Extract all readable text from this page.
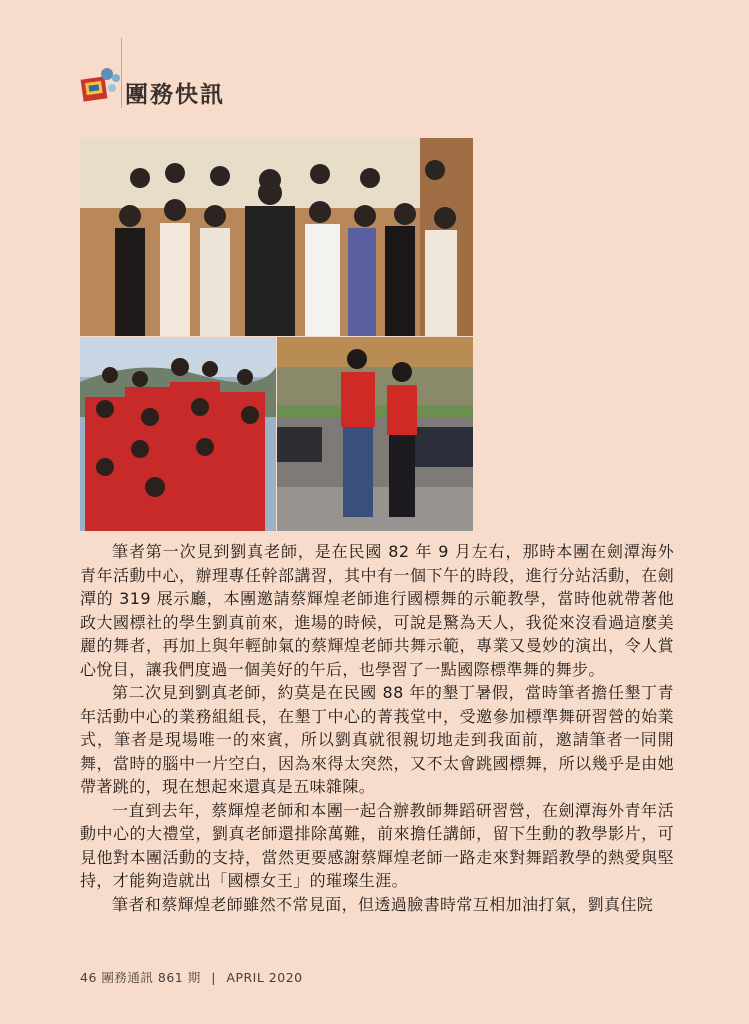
團務快訊

筆者第一次見到劉真老師，是在民國 82 年 9 月左右，那時本團在劍潭海外青年活動中心，辦理專任幹部講習，其中有一個下午的時段，進行分站活動，在劍潭的 319 展示廳，本團邀請蔡輝煌老師進行國標舞的示範教學，當時他就帶著他政大國標社的學生劉真前來，進場的時候，可說是驚為天人，我從來沒看過這麼美麗的舞者，再加上與年輕帥氣的蔡輝煌老師共舞示範，專業又曼妙的演出，令人賞心悅目，讓我們度過一個美好的午后，也學習了一點國際標準舞的舞步。

第二次見到劉真老師，約莫是在民國 88 年的墾丁暑假，當時筆者擔任墾丁青年活動中心的業務組組長，在墾丁中心的菁莪堂中，受邀參加標準舞研習營的始業式，筆者是現場唯一的來賓，所以劉真就很親切地走到我面前，邀請筆者一同開舞，當時的腦中一片空白，因為來得太突然，又不太會跳國標舞，所以幾乎是由她帶著跳的，現在想起來還真是五味雜陳。

一直到去年，蔡輝煌老師和本團一起合辦教師舞蹈研習營，在劍潭海外青年活動中心的大禮堂，劉真老師還排除萬難，前來擔任講師，留下生動的教學影片，可見他對本團活動的支持，當然更要感謝蔡輝煌老師一路走來對舞蹈教學的熱愛與堅持，才能夠造就出「國標女王」的璀璨生涯。

筆者和蔡輝煌老師雖然不常見面，但透過臉書時常互相加油打氣，劉真住院

46 團務通訊 861 期 | APRIL 2020
